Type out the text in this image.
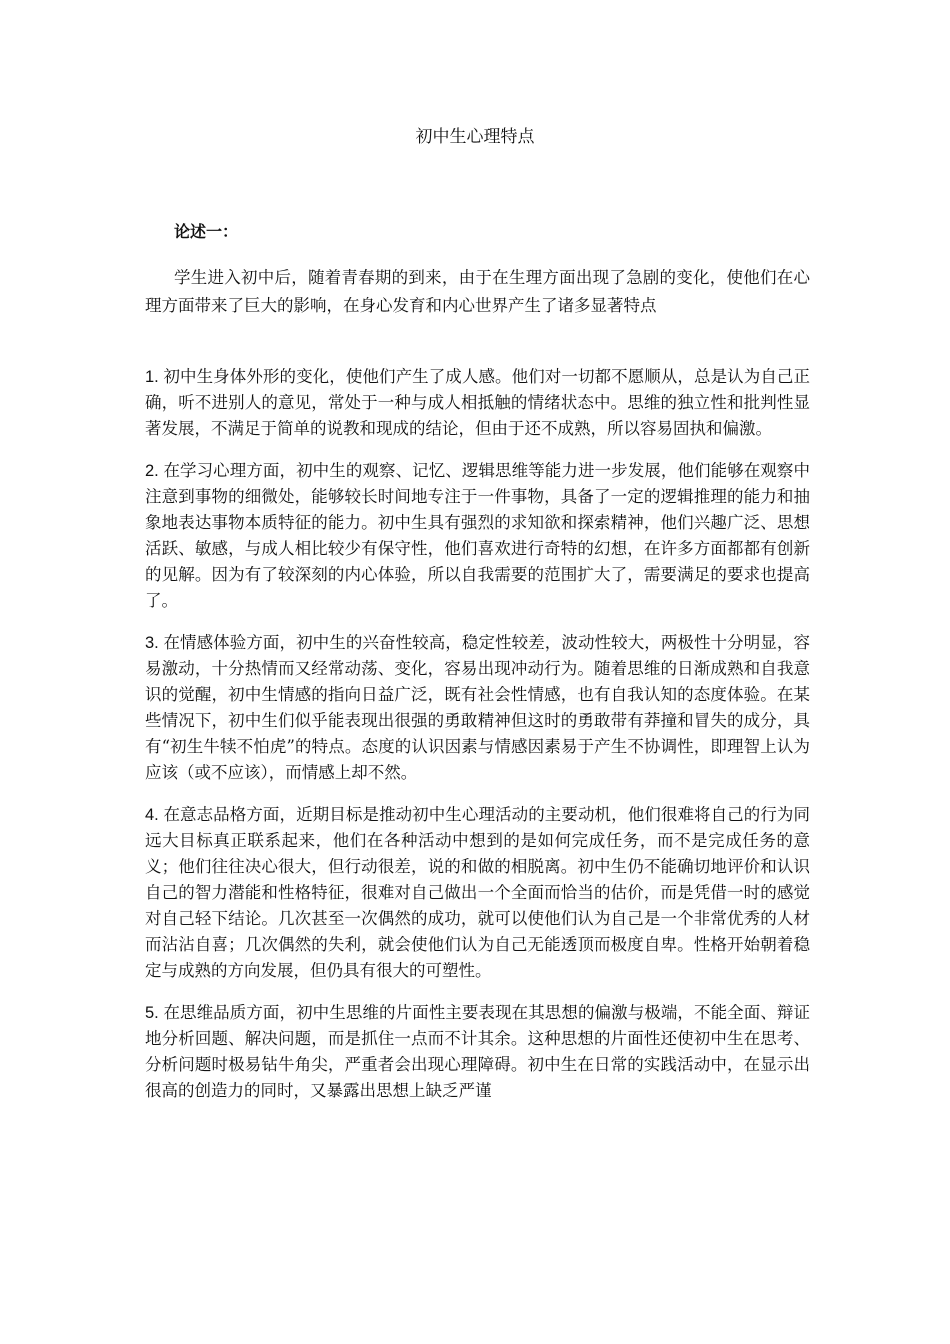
初中生心理特点
论述一：

学生进入初中后，随着青春期的到来，由于在生理方面出现了急剧的变化，使他们在心理方面带来了巨大的影响，在身心发育和内心世界产生了诸多显著特点

1. 初中生身体外形的变化，使他们产生了成人感。他们对一切都不愿顺从，总是认为自己正确，听不进别人的意见，常处于一种与成人相抵触的情绪状态中。思维的独立性和批判性显著发展，不满足于简单的说教和现成的结论，但由于还不成熟，所以容易固执和偏激。

2. 在学习心理方面，初中生的观察、记忆、逻辑思维等能力进一步发展，他们能够在观察中注意到事物的细微处，能够较长时间地专注于一件事物，具备了一定的逻辑推理的能力和抽象地表达事物本质特征的能力。初中生具有强烈的求知欲和探索精神，他们兴趣广泛、思想活跃、敏感，与成人相比较少有保守性，他们喜欢进行奇特的幻想，在许多方面都都有创新的见解。因为有了较深刻的内心体验，所以自我需要的范围扩大了，需要满足的要求也提高了。

3. 在情感体验方面，初中生的兴奋性较高，稳定性较差，波动性较大，两极性十分明显，容易激动，十分热情而又经常动荡、变化，容易出现冲动行为。随着思维的日渐成熟和自我意识的觉醒，初中生情感的指向日益广泛，既有社会性情感，也有自我认知的态度体验。在某些情况下，初中生们似乎能表现出很强的勇敢精神但这时的勇敢带有莽撞和冒失的成分，具有“初生牛犊不怕虎”的特点。态度的认识因素与情感因素易于产生不协调性，即理智上认为应该（或不应该），而情感上却不然。

4. 在意志品格方面，近期目标是推动初中生心理活动的主要动机，他们很难将自己的行为同远大目标真正联系起来，他们在各种活动中想到的是如何完成任务，而不是完成任务的意义；他们往往决心很大，但行动很差，说的和做的相脱离。初中生仍不能确切地评价和认识自己的智力潜能和性格特征，很难对自己做出一个全面而恰当的估价，而是凭借一时的感觉对自己轻下结论。几次甚至一次偶然的成功，就可以使他们认为自己是一个非常优秀的人材而沾沾自喜；几次偶然的失利，就会使他们认为自己无能透顶而极度自卑。性格开始朝着稳定与成熟的方向发展，但仍具有很大的可塑性。

5. 在思维品质方面，初中生思维的片面性主要表现在其思想的偏激与极端，不能全面、辩证地分析回题、解决问题，而是抓住一点而不计其余。这种思想的片面性还使初中生在思考、分析问题时极易钻牛角尖，严重者会出现心理障碍。初中生在日常的实践活动中，在显示出很高的创造力的同时，又暴露出思想上缺乏严谨
